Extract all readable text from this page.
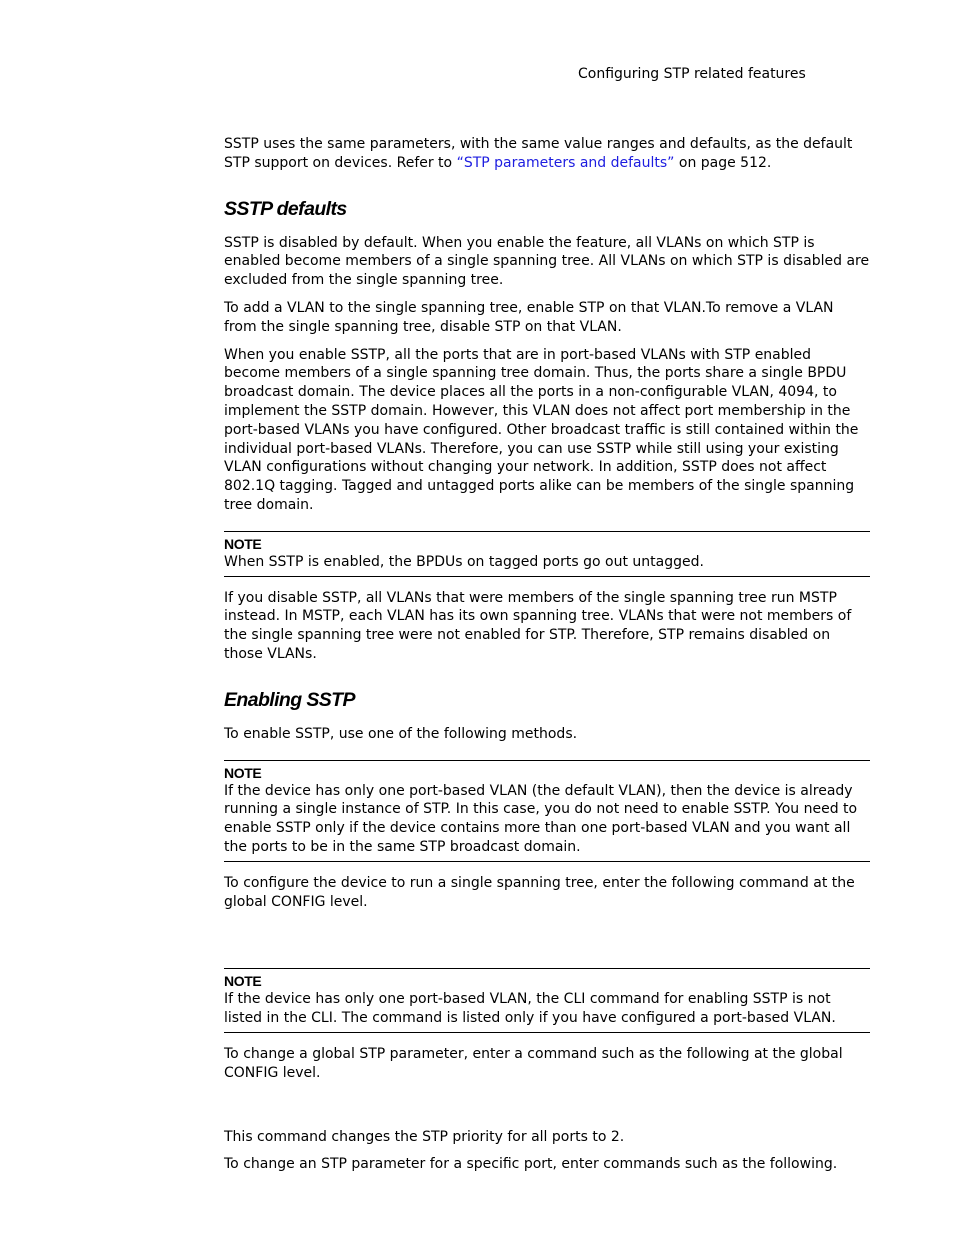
Configuring STP related features

SSTP uses the same parameters, with the same value ranges and defaults, as the default STP support on devices. Refer to “STP parameters and defaults” on page 512.

SSTP defaults

SSTP is disabled by default. When you enable the feature, all VLANs on which STP is enabled become members of a single spanning tree. All VLANs on which STP is disabled are excluded from the single spanning tree.

To add a VLAN to the single spanning tree, enable STP on that VLAN.To remove a VLAN from the single spanning tree, disable STP on that VLAN.

When you enable SSTP, all the ports that are in port-based VLANs with STP enabled become members of a single spanning tree domain. Thus, the ports share a single BPDU broadcast domain. The device places all the ports in a non-configurable VLAN, 4094, to implement the SSTP domain. However, this VLAN does not affect port membership in the port-based VLANs you have configured. Other broadcast traffic is still contained within the individual port-based VLANs. Therefore, you can use SSTP while still using your existing VLAN configurations without changing your network. In addition, SSTP does not affect 802.1Q tagging. Tagged and untagged ports alike can be members of the single spanning tree domain.

NOTE

When SSTP is enabled, the BPDUs on tagged ports go out untagged.

If you disable SSTP, all VLANs that were members of the single spanning tree run MSTP instead. In MSTP, each VLAN has its own spanning tree. VLANs that were not members of the single spanning tree were not enabled for STP. Therefore, STP remains disabled on those VLANs.

Enabling SSTP

To enable SSTP, use one of the following methods.

NOTE

If the device has only one port-based VLAN (the default VLAN), then the device is already running a single instance of STP. In this case, you do not need to enable SSTP. You need to enable SSTP only if the device contains more than one port-based VLAN and you want all the ports to be in the same STP broadcast domain.

To configure the device to run a single spanning tree, enter the following command at the global CONFIG level.

NOTE

If the device has only one port-based VLAN, the CLI command for enabling SSTP is not listed in the CLI. The command is listed only if you have configured a port-based VLAN.

To change a global STP parameter, enter a command such as the following at the global CONFIG level.

This command changes the STP priority for all ports to 2.

To change an STP parameter for a specific port, enter commands such as the following.
